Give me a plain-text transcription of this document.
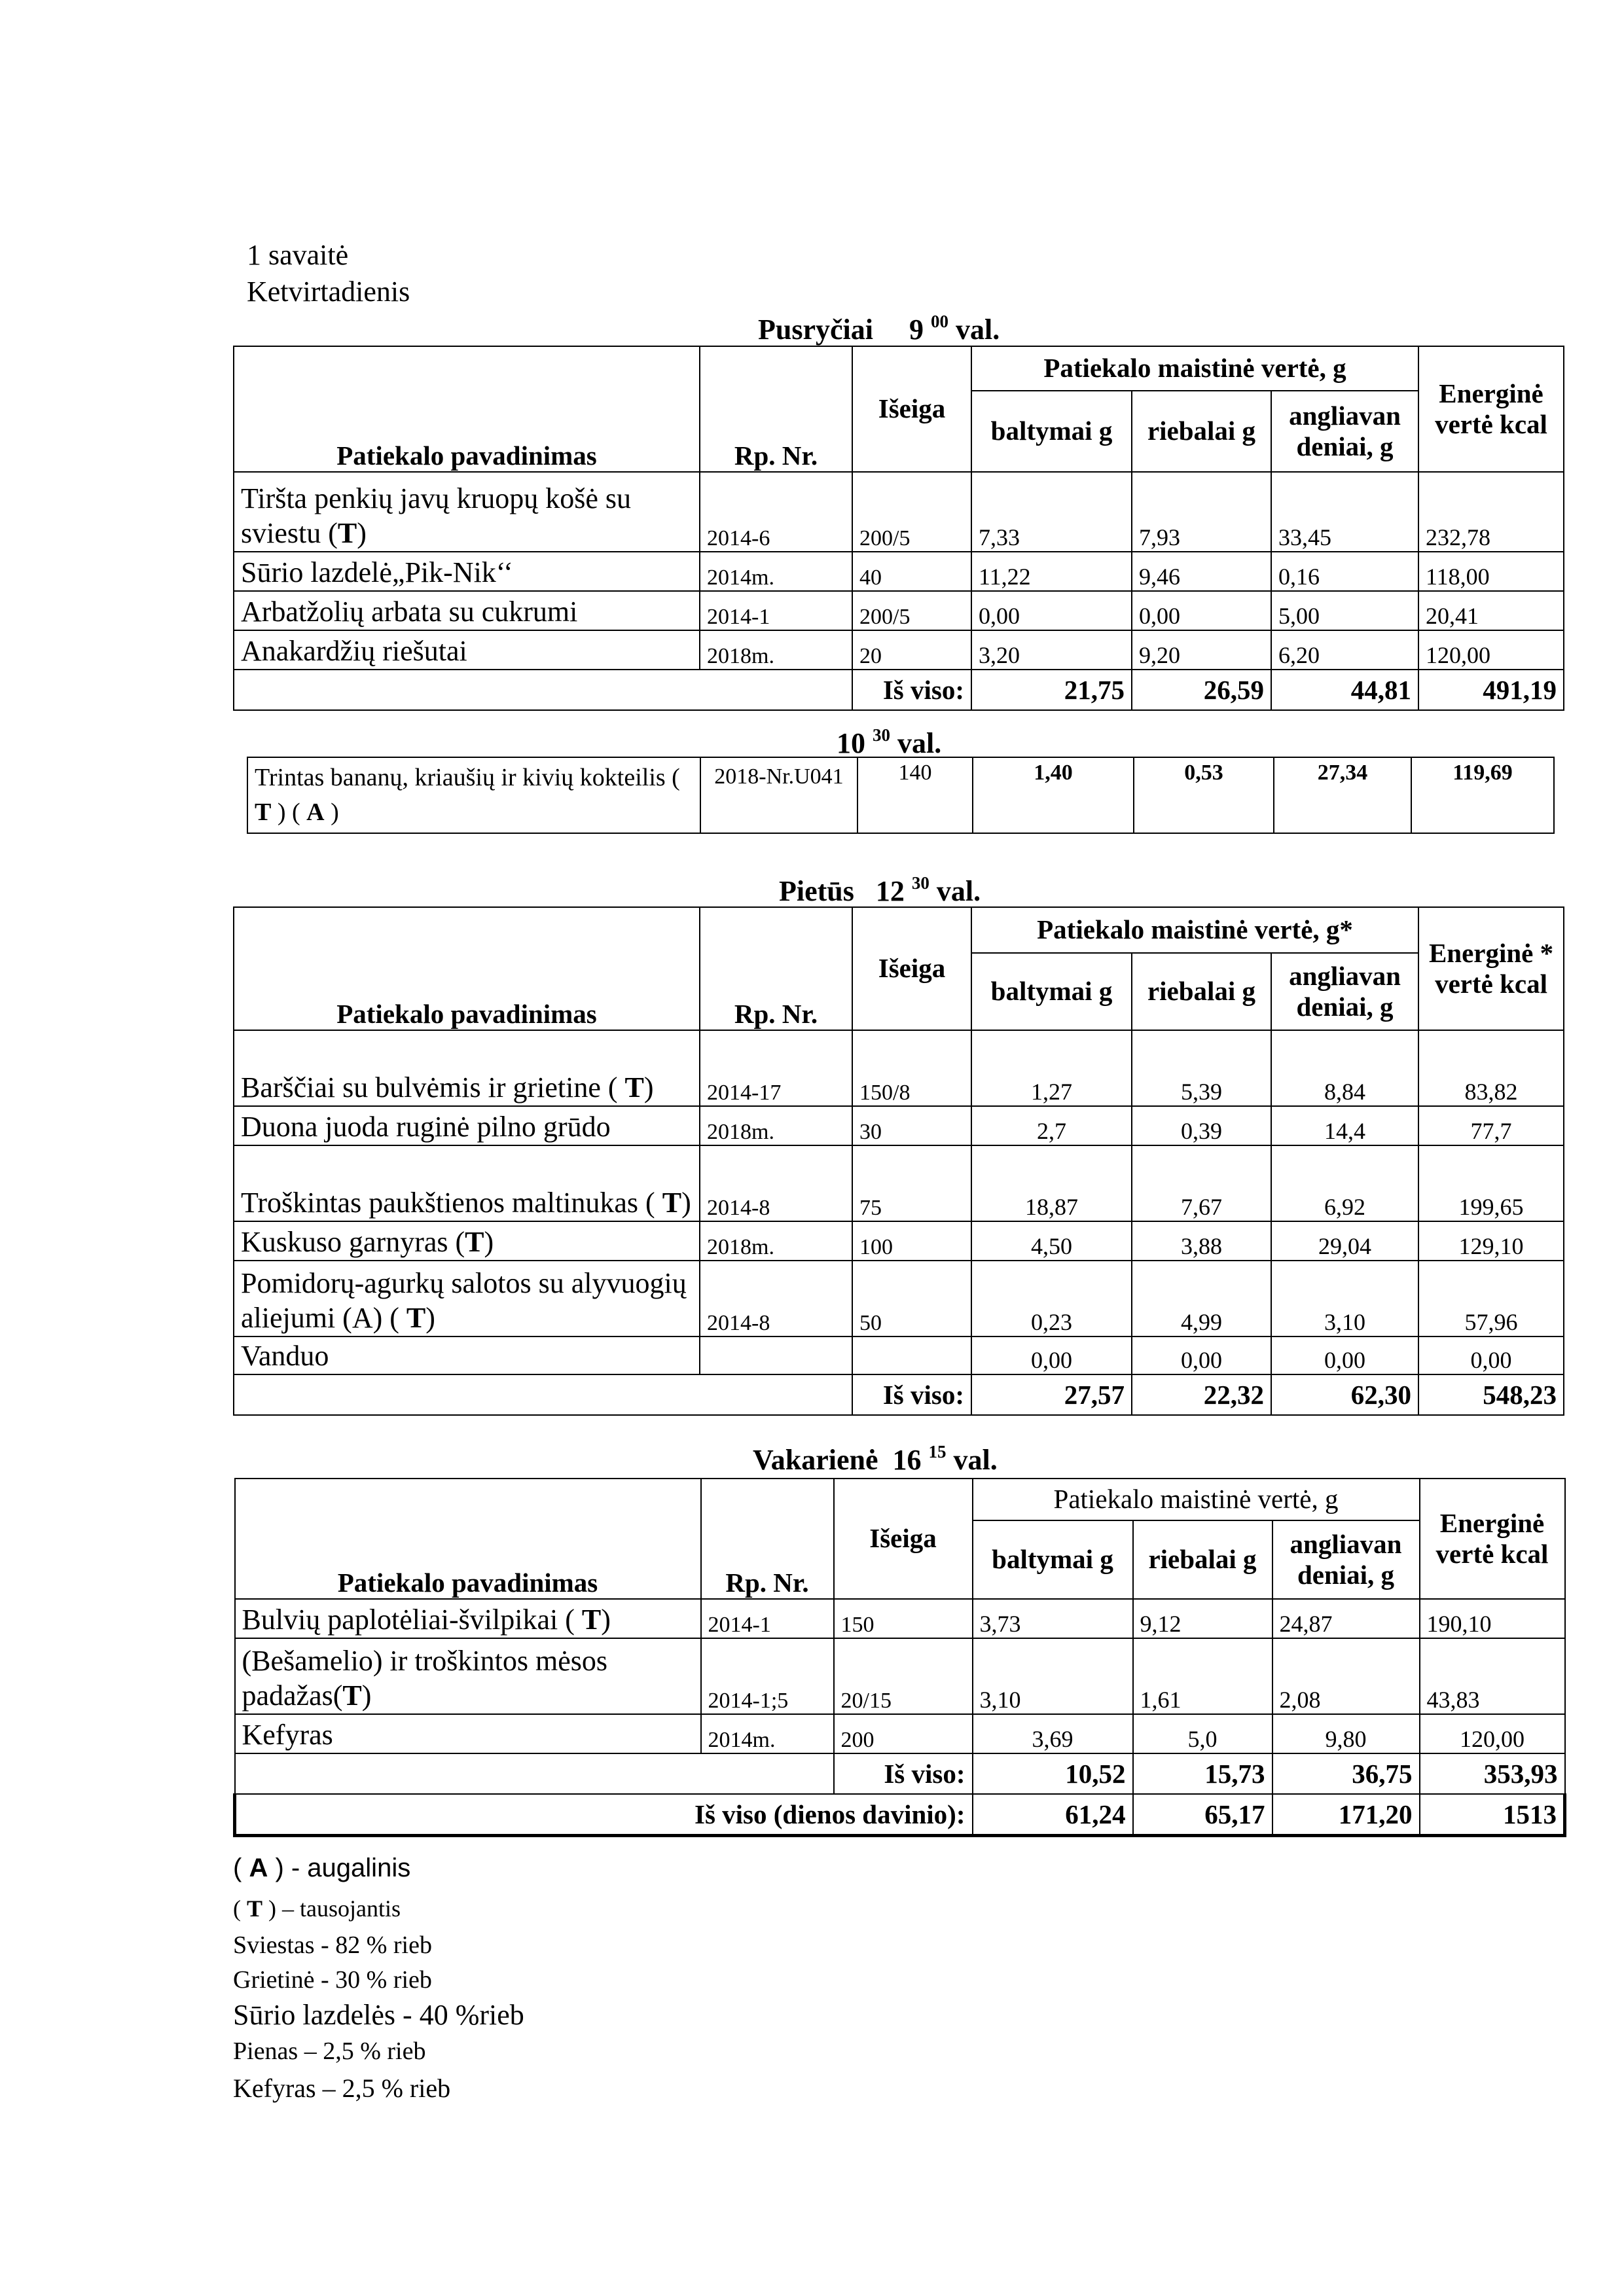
1 savaitė
Ketvirtadienis
Pusryčiai 9 $^{00}$ val.
Patiekalo pavadinimas	Rp. Nr.	Išeiga	Patiekalo maistinė vertė, g			Energinė vertė kcal
			baltymai g	riebalai g	angliavan deniai, g	
Tiršta penkių javų kruopų košė su sviestu (T)	2014-6	200/5	7,33	7,93	33,45	232,78
Sūrio lazdelė„Pik-Nik‘‘	2014m.	40	11,22	9,46	0,16	118,00
Arbatžolių arbata su cukrumi	2014-1	200/5	0,00	0,00	5,00	20,41
Anakardžių riešutai	2018m.	20	3,20	9,20	6,20	120,00
		Iš viso:	21,75	26,59	44,81	491,19
10 $^{30}$ val.
Trintas bananų, kriaušių ir kivių kokteilis ( T ) ( A )	2018-Nr.U041	140	1,40	0,53	27,34	119,69
Pietūs 12 $^{30}$ val.
Patiekalo pavadinimas	Rp. Nr.	Išeiga	Patiekalo maistinė vertė, g*			Energinė * vertė kcal
			baltymai g	riebalai g	angliavan deniai, g	
Barščiai su bulvėmis ir grietine ( T)	2014-17	150/8	1,27	5,39	8,84	83,82
Duona juoda ruginė pilno grūdo	2018m.	30	2,7	0,39	14,4	77,7
Troškintas paukštienos maltinukas ( T)	2014-8	75	18,87	7,67	6,92	199,65
Kuskuso garnyras (T)	2018m.	100	4,50	3,88	29,04	129,10
Pomidorų-agurkų salotos su alyvuogių aliejumi (A) ( T)	2014-8	50	0,23	4,99	3,10	57,96
Vanduo			0,00	0,00	0,00	0,00
		Iš viso:	27,57	22,32	62,30	548,23
Vakarienė 16 $^{15}$ val.
Patiekalo pavadinimas	Rp. Nr.	Išeiga	Patiekalo maistinė vertė, g			Energinė vertė kcal
			baltymai g	riebalai g	angliavan deniai, g	
Bulvių paplotėliai-švilpikai ( T)	2014-1	150	3,73	9,12	24,87	190,10
(Bešamelio) ir troškintos mėsos padažas(T)	2014-1;5	20/15	3,10	1,61	2,08	43,83
Kefyras	2014m.	200	3,69	5,0	9,80	120,00
		Iš viso:	10,52	15,73	36,75	353,93
Iš viso (dienos davinio):			61,24	65,17	171,20	1513
( A ) - augalinis
( T ) – tausojantis
Sviestas - 82 % rieb
Grietinė - 30 % rieb
Sūrio lazdelės - 40 %rieb
Pienas – 2,5 % rieb
Kefyras – 2,5 % rieb
